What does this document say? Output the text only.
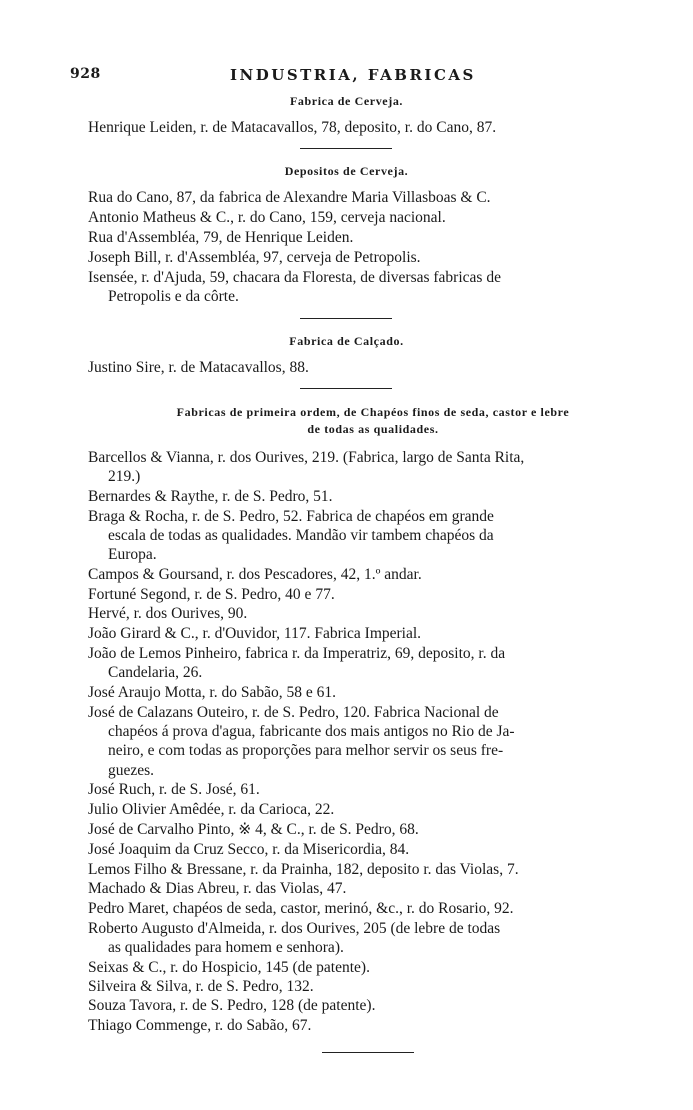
928	INDUSTRIA, FABRICAS
Fabrica de Cerveja.
Henrique Leiden, r. de Matacavallos, 78, deposito, r. do Cano, 87.
Depositos de Cerveja.
Rua do Cano, 87, da fabrica de Alexandre Maria Villasboas & C.
Antonio Matheus & C., r. do Cano, 159, cerveja nacional.
Rua d'Assembléa, 79, de Henrique Leiden.
Joseph Bill, r. d'Assembléa, 97, cerveja de Petropolis.
Isensée, r. d'Ajuda, 59, chacara da Floresta, de diversas fabricas de
Petropolis e da côrte.
Fabrica de Calçado.
Justino Sire, r. de Matacavallos, 88.
Fabricas de primeira ordem, de Chapéos finos de seda, castor e lebre
de todas as qualidades.
Barcellos & Vianna, r. dos Ourives, 219. (Fabrica, largo de Santa Rita,
219.)
Bernardes & Raythe, r. de S. Pedro, 51.
Braga & Rocha, r. de S. Pedro, 52. Fabrica de chapéos em grande
escala de todas as qualidades. Mandão vir tambem chapéos da
Europa.
Campos & Goursand, r. dos Pescadores, 42, 1.º andar.
Fortuné Segond, r. de S. Pedro, 40 e 77.
Hervé, r. dos Ourives, 90.
João Girard & C., r. d'Ouvidor, 117. Fabrica Imperial.
João de Lemos Pinheiro, fabrica r. da Imperatriz, 69, deposito, r. da
Candelaria, 26.
José Araujo Motta, r. do Sabão, 58 e 61.
José de Calazans Outeiro, r. de S. Pedro, 120. Fabrica Nacional de
chapéos á prova d'agua, fabricante dos mais antigos no Rio de Ja-
neiro, e com todas as proporções para melhor servir os seus fre-
guezes.
José Ruch, r. de S. José, 61.
Julio Olivier Amêdée, r. da Carioca, 22.
José de Carvalho Pinto, ※ 4, & C., r. de S. Pedro, 68.
José Joaquim da Cruz Secco, r. da Misericordia, 84.
Lemos Filho & Bressane, r. da Prainha, 182, deposito r. das Violas, 7.
Machado & Dias Abreu, r. das Violas, 47.
Pedro Maret, chapéos de seda, castor, merinó, &c., r. do Rosario, 92.
Roberto Augusto d'Almeida, r. dos Ourives, 205 (de lebre de todas
as qualidades para homem e senhora).
Seixas & C., r. do Hospicio, 145 (de patente).
Silveira & Silva, r. de S. Pedro, 132.
Souza Tavora, r. de S. Pedro, 128 (de patente).
Thiago Commenge, r. do Sabão, 67.
